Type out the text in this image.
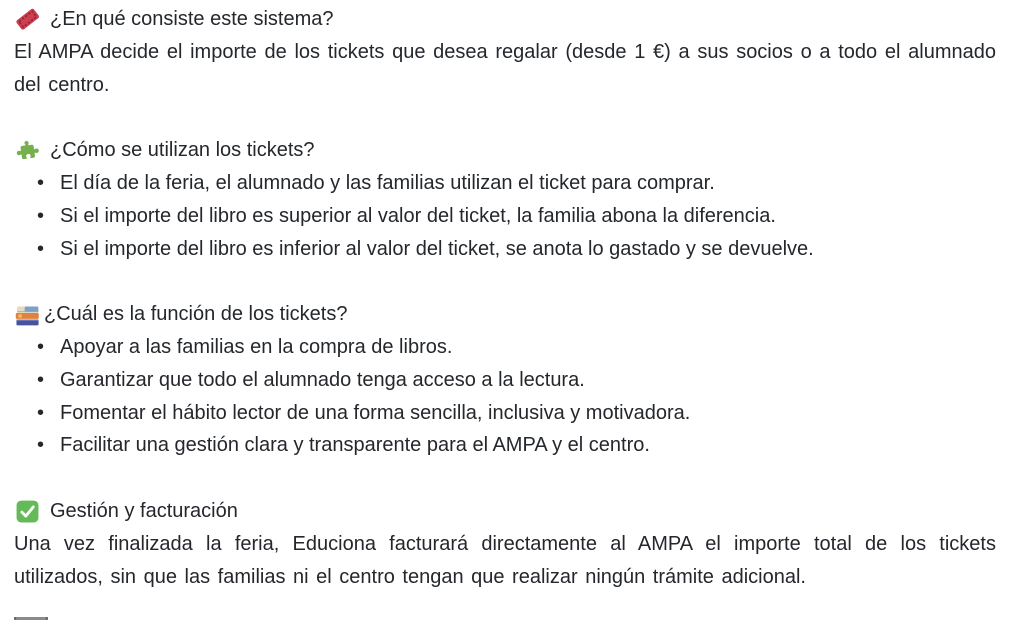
¿En qué consiste este sistema?

El AMPA decide el importe de los tickets que desea regalar (desde 1 €) a sus socios o a todo el alumnado del centro.

¿Cómo se utilizan los tickets?
• El día de la feria, el alumnado y las familias utilizan el ticket para comprar.
• Si el importe del libro es superior al valor del ticket, la familia abona la diferencia.
• Si el importe del libro es inferior al valor del ticket, se anota lo gastado y se devuelve.
¿Cuál es la función de los tickets?
• Apoyar a las familias en la compra de libros.
• Garantizar que todo el alumnado tenga acceso a la lectura.
• Fomentar el hábito lector de una forma sencilla, inclusiva y motivadora.
• Facilitar una gestión clara y transparente para el AMPA y el centro.
Gestión y facturación

Una vez finalizada la feria, Educiona facturará directamente al AMPA el importe total de los tickets utilizados, sin que las familias ni el centro tengan que realizar ningún trámite adicional.
